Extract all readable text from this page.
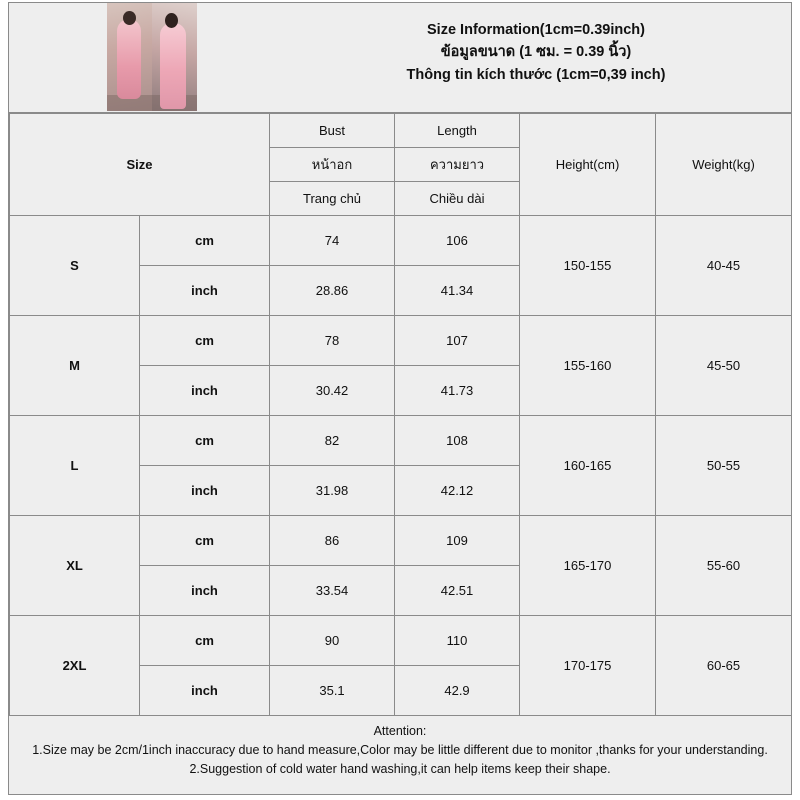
Size Information(1cm=0.39inch)
ข้อมูลขนาด (1 ซม. = 0.39 นิ้ว)
Thông tin kích thước (1cm=0,39 inch)
Size		Bust	Length	Height(cm)	Weight(kg)
		หน้าอก	ความยาว		
		Trang chủ	Chiều dài		
S	cm	74	106	150-155	40-45
	inch	28.86	41.34		
M	cm	78	107	155-160	45-50
	inch	30.42	41.73		
L	cm	82	108	160-165	50-55
	inch	31.98	42.12		
XL	cm	86	109	165-170	55-60
	inch	33.54	42.51		
2XL	cm	90	110	170-175	60-65
	inch	35.1	42.9		
Attention:
1.Size may be 2cm/1inch inaccuracy due to hand measure,Color may be little different due to monitor ,thanks for your understanding.
2.Suggestion of cold water hand washing,it can help items keep their shape.
